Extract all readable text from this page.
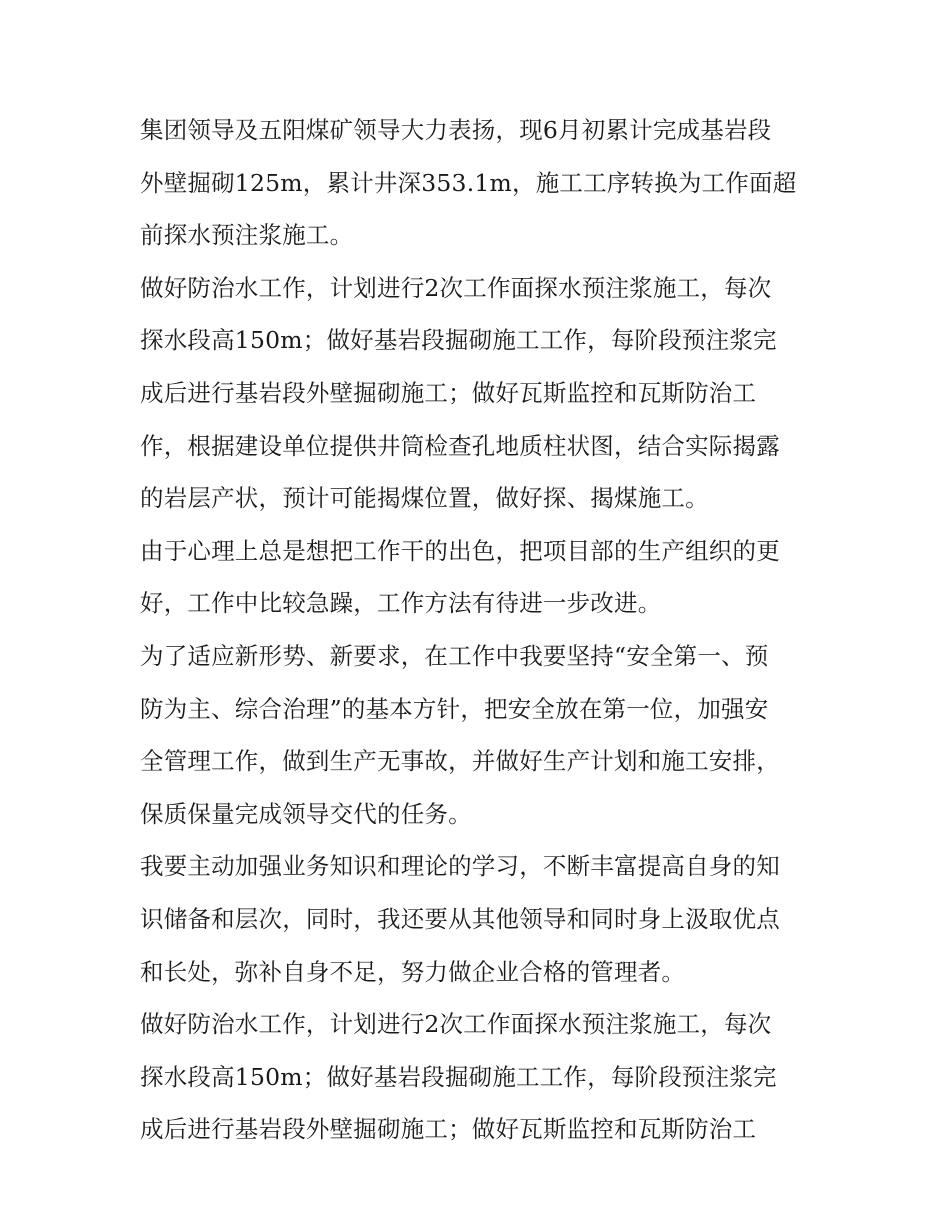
集团领导及五阳煤矿领导大力表扬，现6月初累计完成基岩段
外壁掘砌125m，累计井深353.1m，施工工序转换为工作面超
前探水预注浆施工。
做好防治水工作，计划进行2次工作面探水预注浆施工，每次
探水段高150m；做好基岩段掘砌施工工作，每阶段预注浆完
成后进行基岩段外壁掘砌施工；做好瓦斯监控和瓦斯防治工
作，根据建设单位提供井筒检查孔地质柱状图，结合实际揭露
的岩层产状，预计可能揭煤位置，做好探、揭煤施工。
由于心理上总是想把工作干的出色，把项目部的生产组织的更
好，工作中比较急躁，工作方法有待进一步改进。
为了适应新形势、新要求，在工作中我要坚持“安全第一、预
防为主、综合治理”的基本方针，把安全放在第一位，加强安
全管理工作，做到生产无事故，并做好生产计划和施工安排，
保质保量完成领导交代的任务。
我要主动加强业务知识和理论的学习，不断丰富提高自身的知
识储备和层次，同时，我还要从其他领导和同时身上汲取优点
和长处，弥补自身不足，努力做企业合格的管理者。
做好防治水工作，计划进行2次工作面探水预注浆施工，每次
探水段高150m；做好基岩段掘砌施工工作，每阶段预注浆完
成后进行基岩段外壁掘砌施工；做好瓦斯监控和瓦斯防治工
